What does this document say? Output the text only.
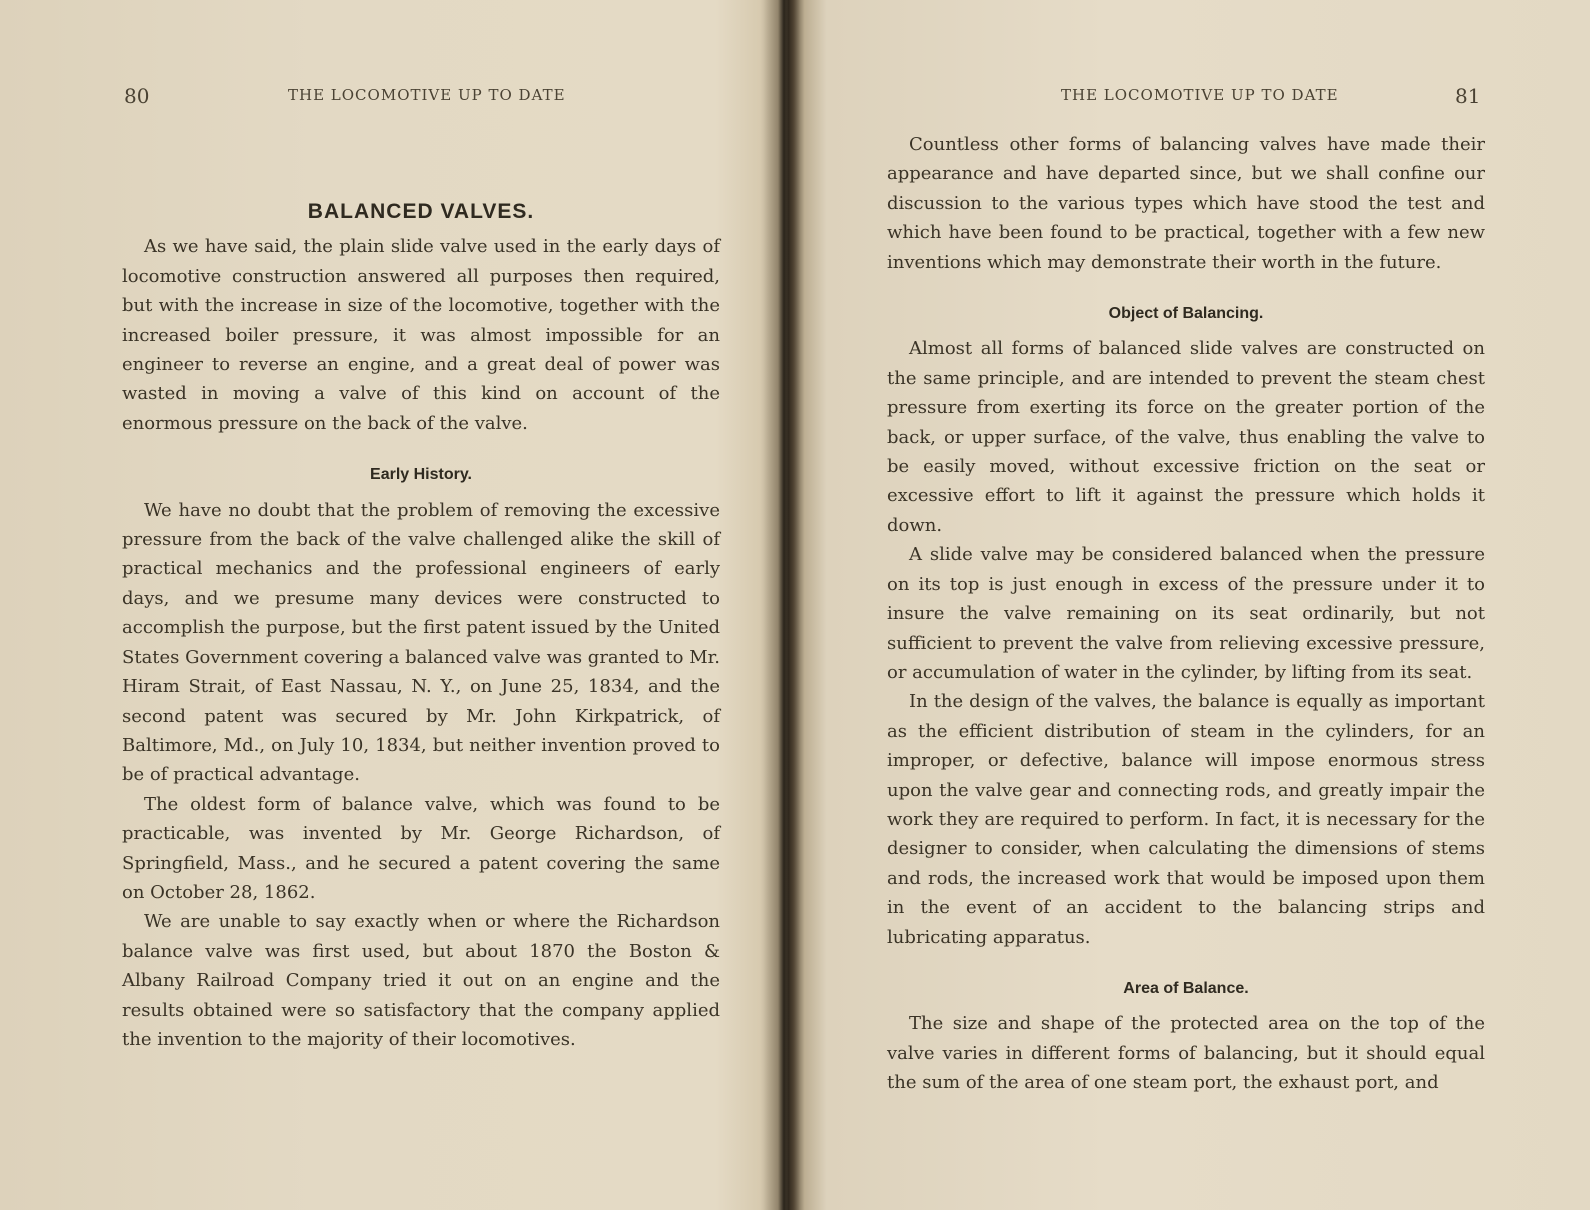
80	THE LOCOMOTIVE UP TO DATE
BALANCED VALVES.

As we have said, the plain slide valve used in the early days of locomotive construction answered all purposes then required, but with the increase in size of the locomotive, together with the increased boiler pressure, it was almost impossible for an engineer to reverse an engine, and a great deal of power was wasted in moving a valve of this kind on account of the enormous pressure on the back of the valve.

Early History.

We have no doubt that the problem of removing the excessive pressure from the back of the valve challenged alike the skill of practical mechanics and the professional engineers of early days, and we presume many devices were constructed to accomplish the purpose, but the first patent issued by the United States Government covering a balanced valve was granted to Mr. Hiram Strait, of East Nassau, N. Y., on June 25, 1834, and the second patent was secured by Mr. John Kirkpatrick, of Baltimore, Md., on July 10, 1834, but neither invention proved to be of practical advantage.

The oldest form of balance valve, which was found to be practicable, was invented by Mr. George Richardson, of Springfield, Mass., and he secured a patent covering the same on October 28, 1862.

We are unable to say exactly when or where the Richardson balance valve was first used, but about 1870 the Boston & Albany Railroad Company tried it out on an engine and the results obtained were so satisfactory that the company applied the invention to the majority of their locomotives.

THE LOCOMOTIVE UP TO DATE	81

Countless other forms of balancing valves have made their appearance and have departed since, but we shall confine our discussion to the various types which have stood the test and which have been found to be practical, together with a few new inventions which may demonstrate their worth in the future.

Object of Balancing.

Almost all forms of balanced slide valves are constructed on the same principle, and are intended to prevent the steam chest pressure from exerting its force on the greater portion of the back, or upper surface, of the valve, thus enabling the valve to be easily moved, without excessive friction on the seat or excessive effort to lift it against the pressure which holds it down.

A slide valve may be considered balanced when the pressure on its top is just enough in excess of the pressure under it to insure the valve remaining on its seat ordinarily, but not sufficient to prevent the valve from relieving excessive pressure, or accumulation of water in the cylinder, by lifting from its seat.

In the design of the valves, the balance is equally as important as the efficient distribution of steam in the cylinders, for an improper, or defective, balance will impose enormous stress upon the valve gear and connecting rods, and greatly impair the work they are required to perform. In fact, it is necessary for the designer to consider, when calculating the dimensions of stems and rods, the increased work that would be imposed upon them in the event of an accident to the balancing strips and lubricating apparatus.

Area of Balance.

The size and shape of the protected area on the top of the valve varies in different forms of balancing, but it should equal the sum of the area of one steam port, the exhaust port, and
